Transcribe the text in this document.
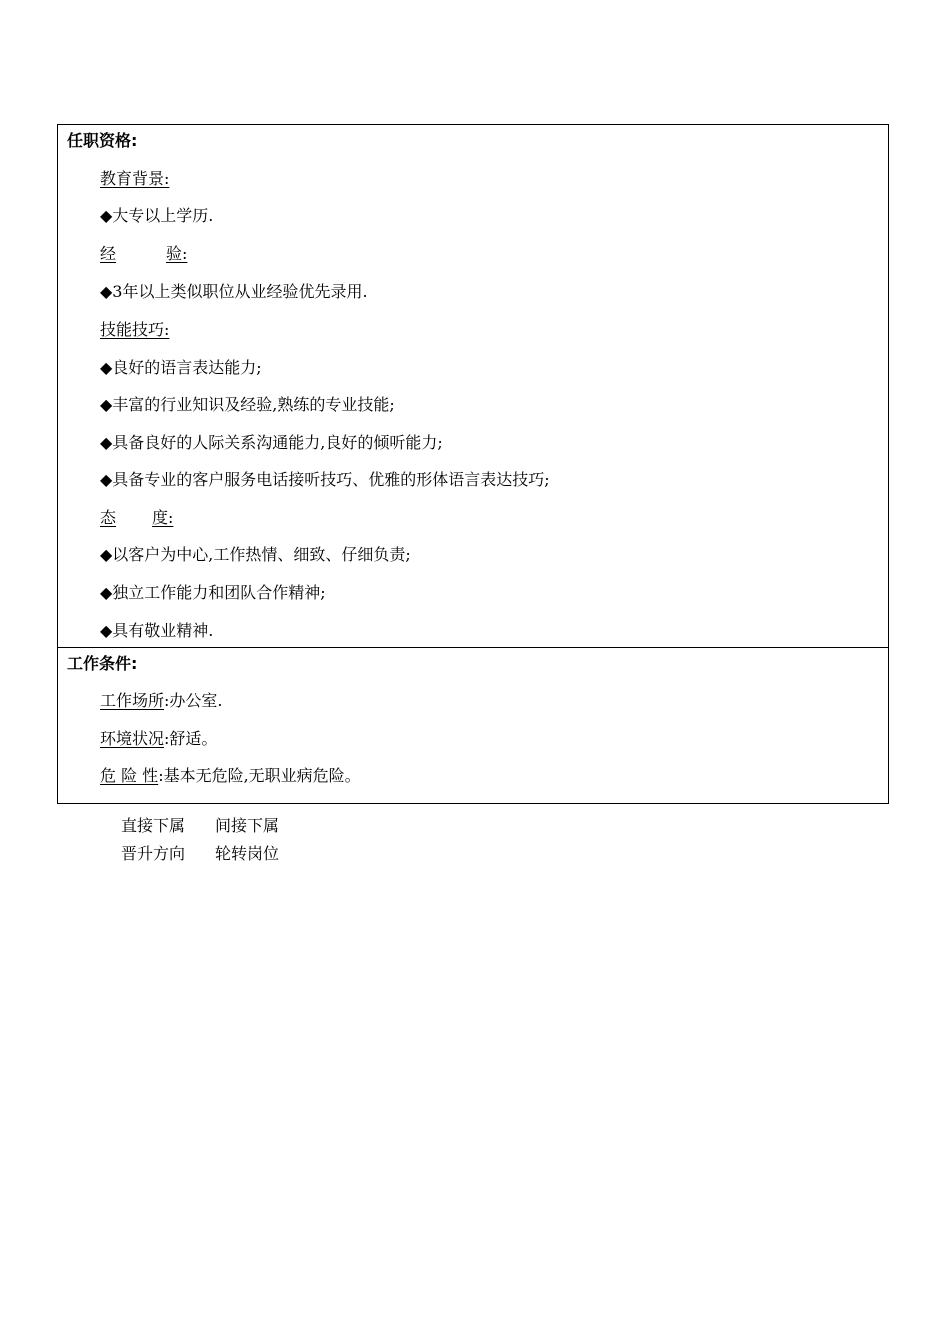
任职资格:
教育背景:
◆大专以上学历.
经	验:
◆3年以上类似职位从业经验优先录用.
技能技巧:
◆良好的语言表达能力;
◆丰富的行业知识及经验,熟练的专业技能;
◆具备良好的人际关系沟通能力,良好的倾听能力;
◆具备专业的客户服务电话接听技巧、优雅的形体语言表达技巧;
态 度:
◆以客户为中心,工作热情、细致、仔细负责;
◆独立工作能力和团队合作精神;
◆具有敬业精神.
工作条件:
工作场所:办公室.
环境状况:舒适。
危 险 性:基本无危险,无职业病危险。
直接下属 间接下属
晋升方向 轮转岗位
